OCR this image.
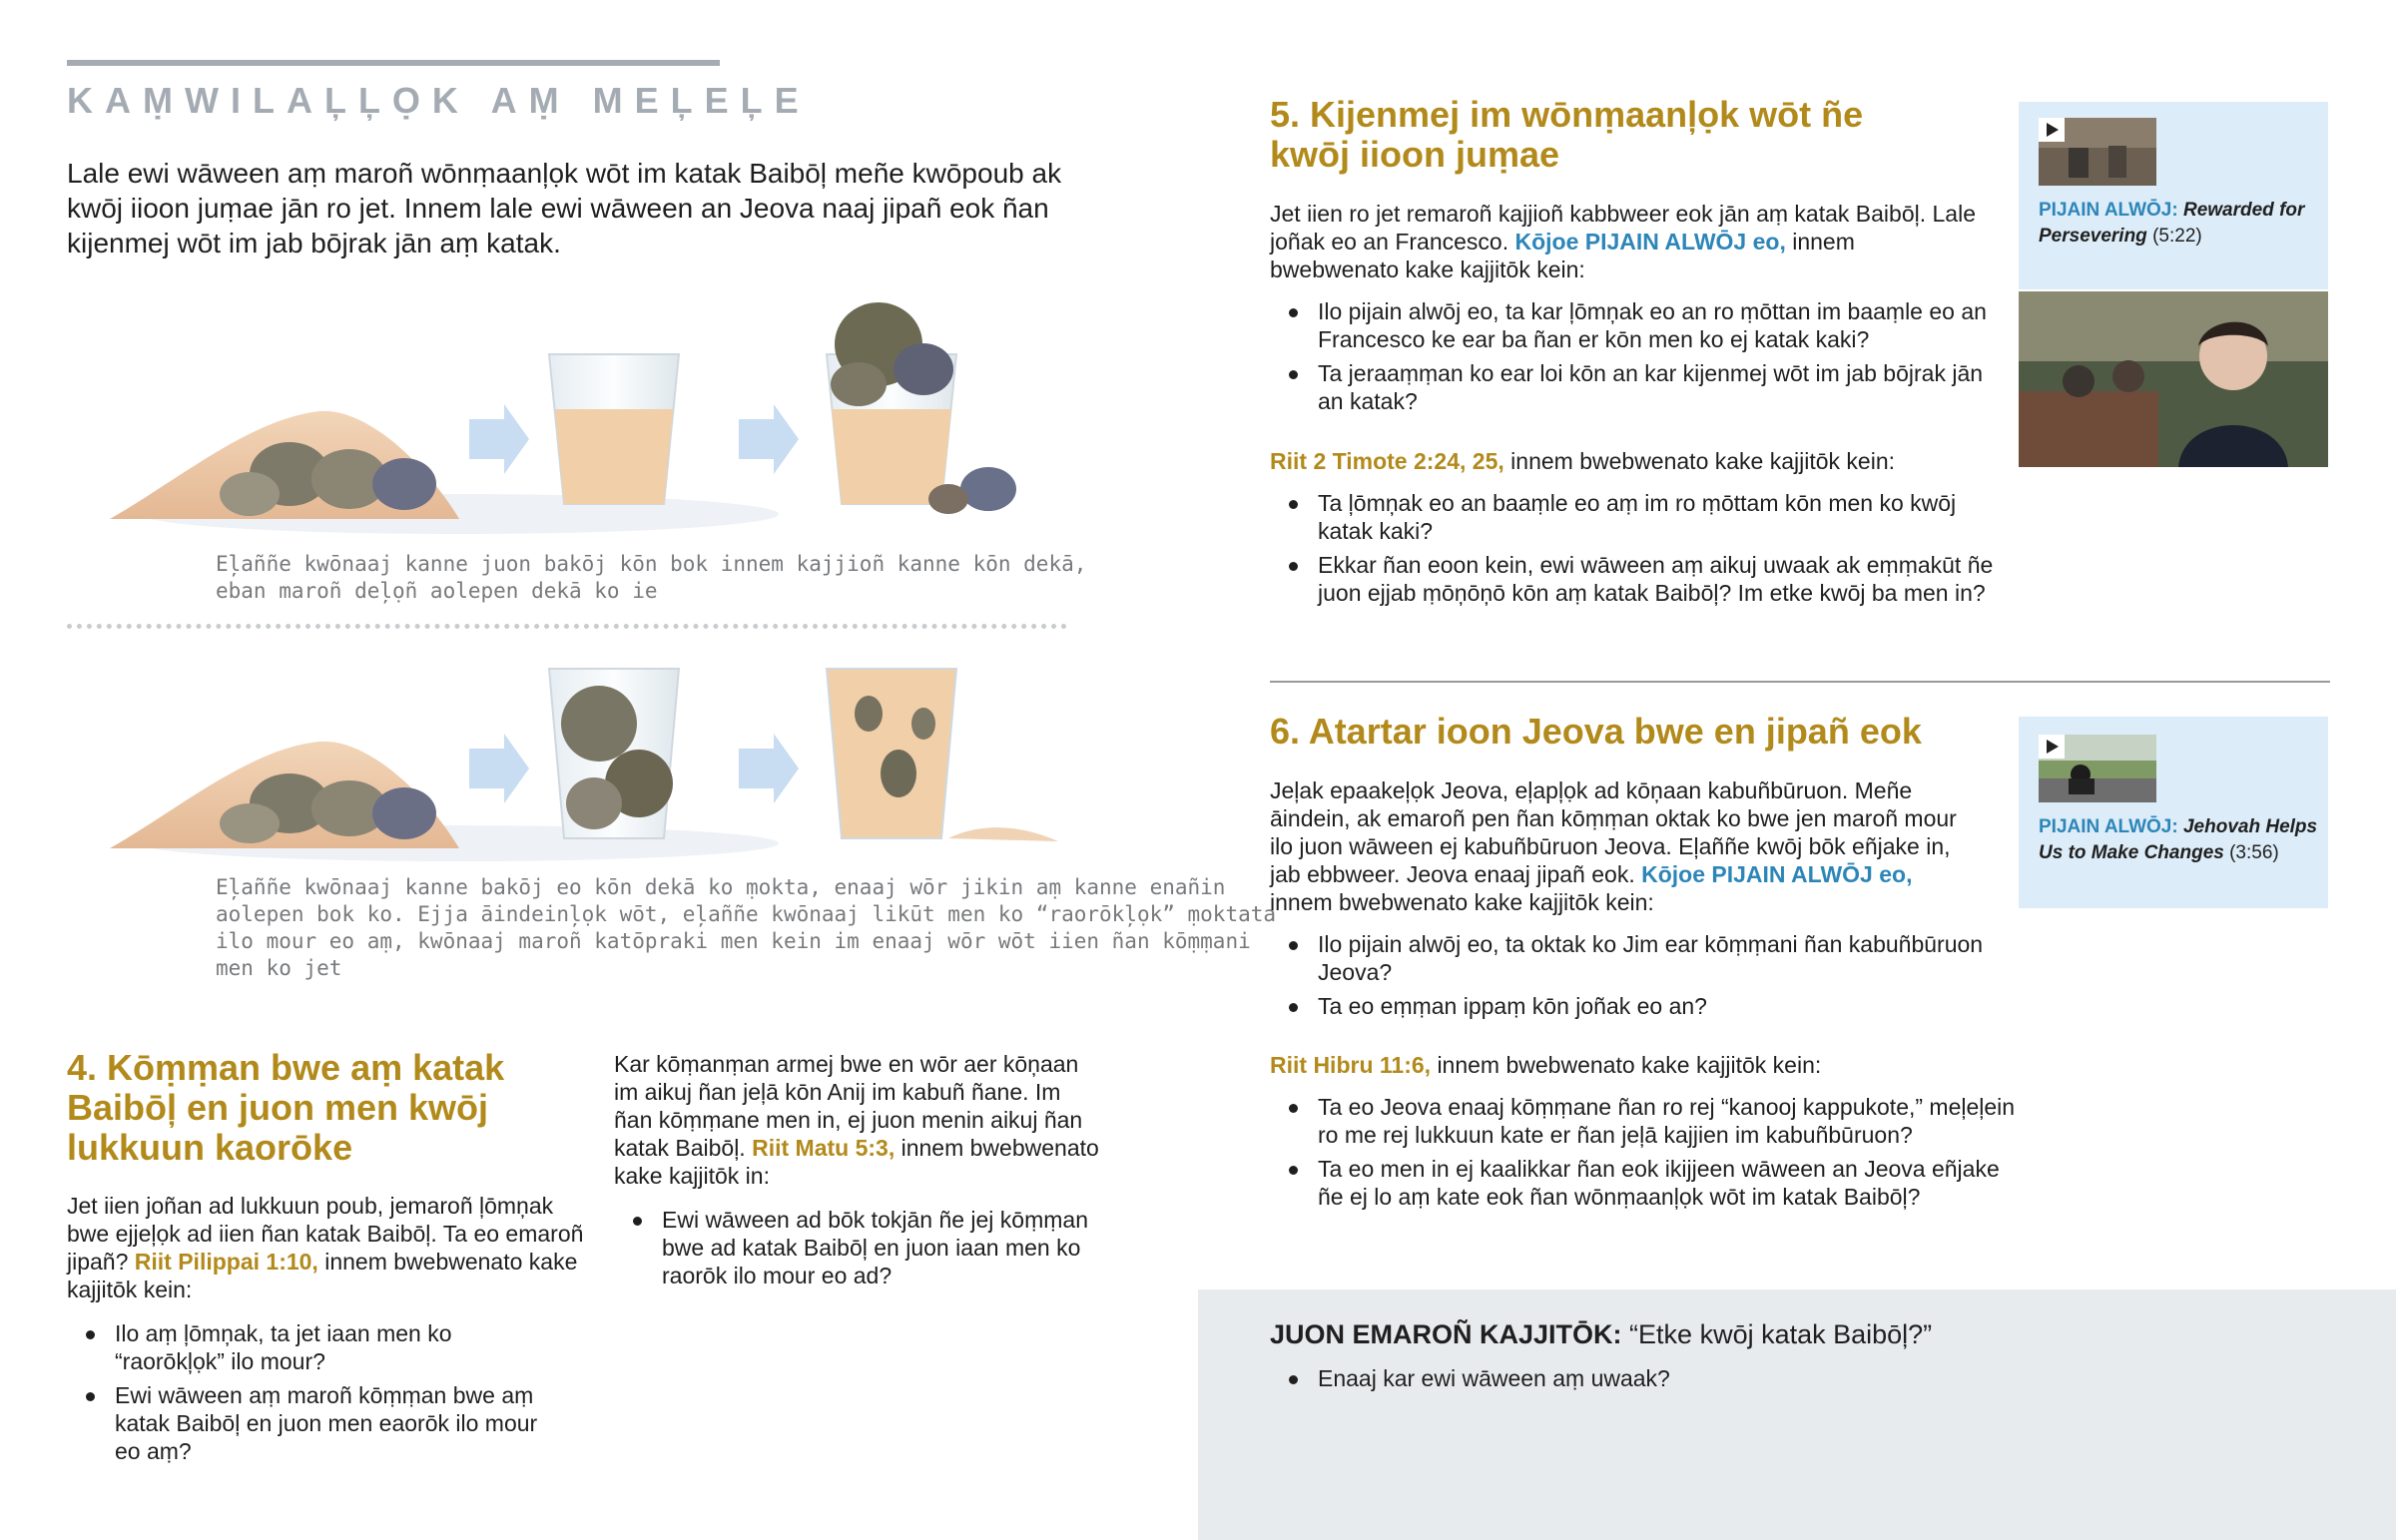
KAṂWILAĻĻỌK AṂ MEĻEĻE
Lale ewi wāween aṃ maroñ wōnṃaanļọk wōt im katak Baibōļ meñe kwōpoub ak kwōj iioon juṃae jān ro jet. Innem lale ewi wāween an Jeova naaj jipañ eok ñan kijenmej wōt im jab bōjrak jān aṃ katak.
Eļaññe kwōnaaj kanne juon bakōj kōn bok innem kajjioñ kanne kōn dekā,
eban maroñ deļọñ aolepen dekā ko ie
Eļaññe kwōnaaj kanne bakōj eo kōn dekā ko ṃokta, enaaj wōr jikin aṃ kanne enañin
aolepen bok ko. Ejja āindeinļọk wōt, eļaññe kwōnaaj likūt men ko “raorōkļọk” ṃoktata
ilo mour eo aṃ, kwōnaaj maroñ katōpraki men kein im enaaj wōr wōt iien ñan kōṃṃani
men ko jet
4. Kōṃṃan bwe aṃ katak
Baibōļ en juon men kwōj
lukkuun kaorōke
Jet iien joñan ad lukkuun poub, jemaroñ ļōmņak bwe ejjeļọk ad iien ñan katak Baibōļ. Ta eo emaroñ jipañ? Riit Pilippai 1:10, innem bwebwenato kake kajjitōk kein:
Ilo aṃ ļōmņak, ta jet iaan men ko “raorōkļọk” ilo mour?
Ewi wāween aṃ maroñ kōṃṃan bwe aṃ katak Baibōļ en juon men eaorōk ilo mour eo aṃ?
Kar kōṃanṃan armej bwe en wōr aer kōņaan im aikuj ñan jeļā kōn Anij im kabuñ ñane. Im ñan kōṃṃane men in, ej juon menin aikuj ñan katak Baibōļ. Riit Matu 5:3, innem bwebwenato kake kajjitōk in:
Ewi wāween ad bōk tokjān ñe jej kōṃṃan bwe ad katak Baibōļ en juon iaan men ko raorōk ilo mour eo ad?
5. Kijenmej im wōnṃaanļọk wōt ñe
kwōj iioon juṃae
Jet iien ro jet remaroñ kajjioñ kabbweer eok jān aṃ katak Baibōļ. Lale joñak eo an Francesco. Kōjoe PIJAIN ALWŌJ eo, innem bwebwenato kake kajjitōk kein:
Ilo pijain alwōj eo, ta kar ļōmņak eo an ro ṃōttan im baaṃle eo an Francesco ke ear ba ñan er kōn men ko ej katak kaki?
Ta jeraaṃṃan ko ear loi kōn an kar kijenmej wōt im jab bōjrak jān an katak?
Riit 2 Timote 2:24, 25, innem bwebwenato kake kajjitōk kein:
Ta ļōmņak eo an baaṃle eo aṃ im ro ṃōttam kōn men ko kwōj katak kaki?
Ekkar ñan eoon kein, ewi wāween aṃ aikuj uwaak ak eṃṃakūt ñe juon ejjab ṃōņōņō kōn aṃ katak Baibōļ? Im etke kwōj ba men in?
PIJAIN ALWŌJ: Rewarded for Persevering (5:22)
6. Atartar ioon Jeova bwe en jipañ eok
Jeļak epaakeļọk Jeova, eļapļọk ad kōņaan kabuñbūruon. Meñe āindein, ak emaroñ pen ñan kōṃṃan oktak ko bwe jen maroñ mour ilo juon wāween ej kabuñbūruon Jeova. Eļaññe kwōj bōk eñjake in, jab ebbweer. Jeova enaaj jipañ eok. Kōjoe PIJAIN ALWŌJ eo, innem bwebwenato kake kajjitōk kein:
Ilo pijain alwōj eo, ta oktak ko Jim ear kōṃṃani ñan kabuñbūruon Jeova?
Ta eo eṃṃan ippaṃ kōn joñak eo an?
Riit Hibru 11:6, innem bwebwenato kake kajjitōk kein:
Ta eo Jeova enaaj kōṃṃane ñan ro rej “kanooj kappukote,” meļeļein ro me rej lukkuun kate er ñan jeļā kajjien im kabuñbūruon?
Ta eo men in ej kaalikkar ñan eok ikijjeen wāween an Jeova eñjake ñe ej lo aṃ kate eok ñan wōnṃaanļọk wōt im katak Baibōļ?
PIJAIN ALWŌJ: Jehovah Helps Us to Make Changes (3:56)
JUON EMAROÑ KAJJITŌK: “Etke kwōj katak Baibōļ?”
Enaaj kar ewi wāween aṃ uwaak?
